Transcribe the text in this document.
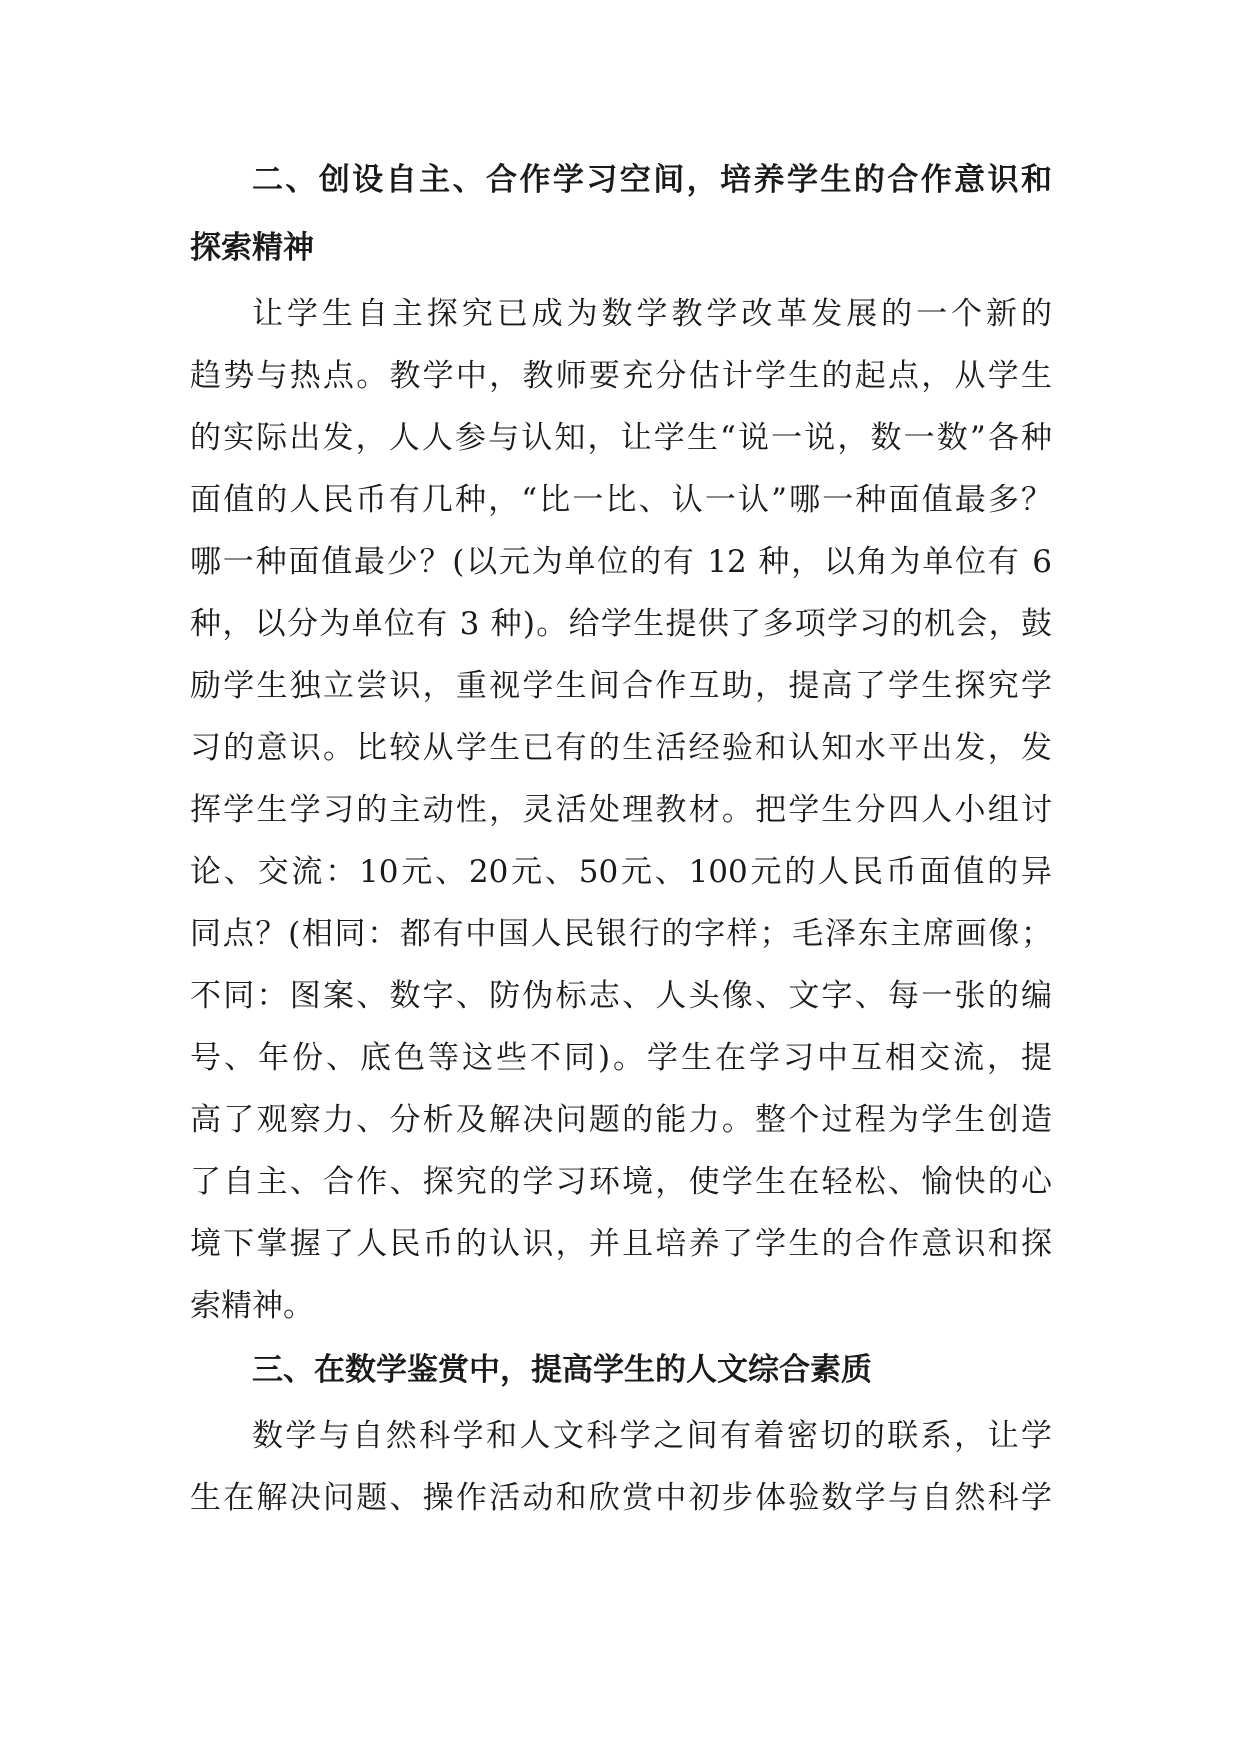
二、创设自主、合作学习空间，培养学生的合作意识和
探索精神
让学生自主探究已成为数学教学改革发展的一个新的
趋势与热点。教学中，教师要充分估计学生的起点，从学生
的实际出发，人人参与认知，让学生“说一说，数一数”各种
面值的人民币有几种，“比一比、认一认”哪一种面值最多？
哪一种面值最少？(以元为单位的有 12 种，以角为单位有 6
种，以分为单位有 3 种)。给学生提供了多项学习的机会，鼓
励学生独立尝识，重视学生间合作互助，提高了学生探究学
习的意识。比较从学生已有的生活经验和认知水平出发，发
挥学生学习的主动性，灵活处理教材。把学生分四人小组讨
论、交流：10元、20元、50元、100元的人民币面值的异
同点？(相同：都有中国人民银行的字样；毛泽东主席画像；
不同：图案、数字、防伪标志、人头像、文字、每一张的编
号、年份、底色等这些不同)。学生在学习中互相交流，提
高了观察力、分析及解决问题的能力。整个过程为学生创造
了自主、合作、探究的学习环境，使学生在轻松、愉快的心
境下掌握了人民币的认识，并且培养了学生的合作意识和探
索精神。
三、在数学鉴赏中，提高学生的人文综合素质
数学与自然科学和人文科学之间有着密切的联系，让学
生在解决问题、操作活动和欣赏中初步体验数学与自然科学
